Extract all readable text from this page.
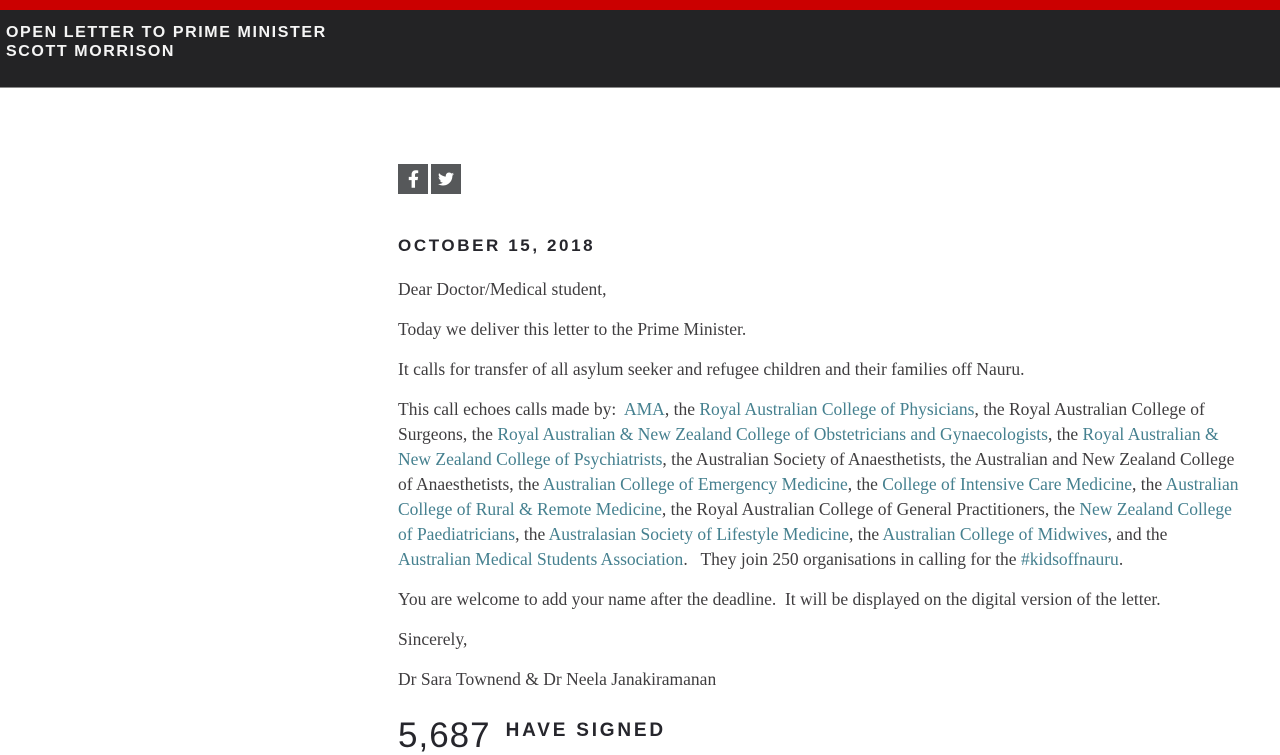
OPEN LETTER TO PRIME MINISTER
SCOTT MORRISON
OCTOBER 15, 2018

Dear Doctor/Medical student,

Today we deliver this letter to the Prime Minister.

It calls for transfer of all asylum seeker and refugee children and their families off Nauru.

This call echoes calls made by:  AMA, the Royal Australian College of Physicians, the Royal Australian College of Surgeons, the Royal Australian & New Zealand College of Obstetricians and Gynaecologists, the Royal Australian & New Zealand College of Psychiatrists, the Australian Society of Anaesthetists, the Australian and New Zealand College of Anaesthetists, the Australian College of Emergency Medicine, the College of Intensive Care Medicine, the Australian College of Rural & Remote Medicine, the Royal Australian College of General Practitioners, the New Zealand College of Paediatricians, the Australasian Society of Lifestyle Medicine, the Australian College of Midwives, and the Australian Medical Students Association.   They join 250 organisations in calling for the #kidsoffnauru.

You are welcome to add your name after the deadline.  It will be displayed on the digital version of the letter.

Sincerely,

Dr Sara Townend & Dr Neela Janakiramanan

5,687 HAVE SIGNED
